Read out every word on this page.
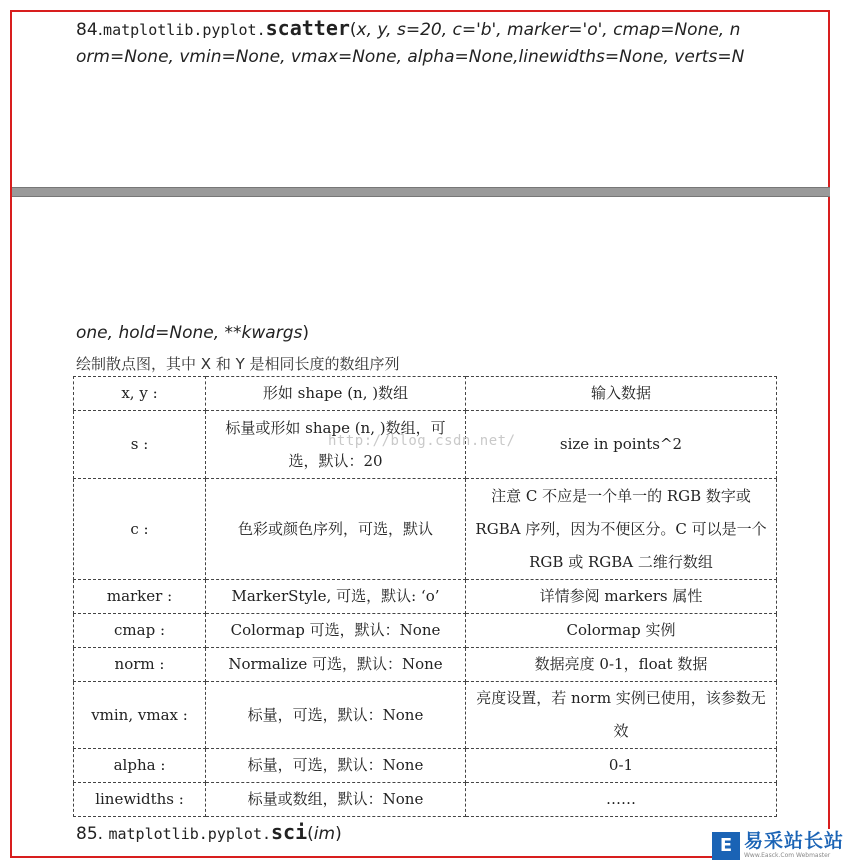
84.matplotlib.pyplot.scatter(x, y, s=20, c='b', marker='o', cmap=None, n
orm=None, vmin=None, vmax=None, alpha=None,linewidths=None, verts=N
one, hold=None, **kwargs)
绘制散点图，其中 X 和 Y 是相同长度的数组序列
x, y :	形如 shape (n, )数组	输入数据
s :	标量或形如 shape (n, )数组，可选，默认：20	size in points^2
c :	色彩或颜色序列，可选，默认	注意 C 不应是一个单一的 RGB 数字或 RGBA 序列，因为不便区分。C 可以是一个 RGB 或 RGBA 二维行数组
marker :	MarkerStyle, 可选，默认: ‘o’	详情参阅 markers 属性
cmap :	Colormap 可选，默认：None	Colormap 实例
norm :	Normalize 可选，默认：None	数据亮度 0-1，float 数据
vmin, vmax :	标量，可选，默认：None	亮度设置，若 norm 实例已使用，该参数无效
alpha :	标量，可选，默认：None	0-1
linewidths :	标量或数组，默认：None	……
http://blog.csdn.net/
85. matplotlib.pyplot.sci(im)
E 易采站长站
Www.Easck.Com Webmaster
